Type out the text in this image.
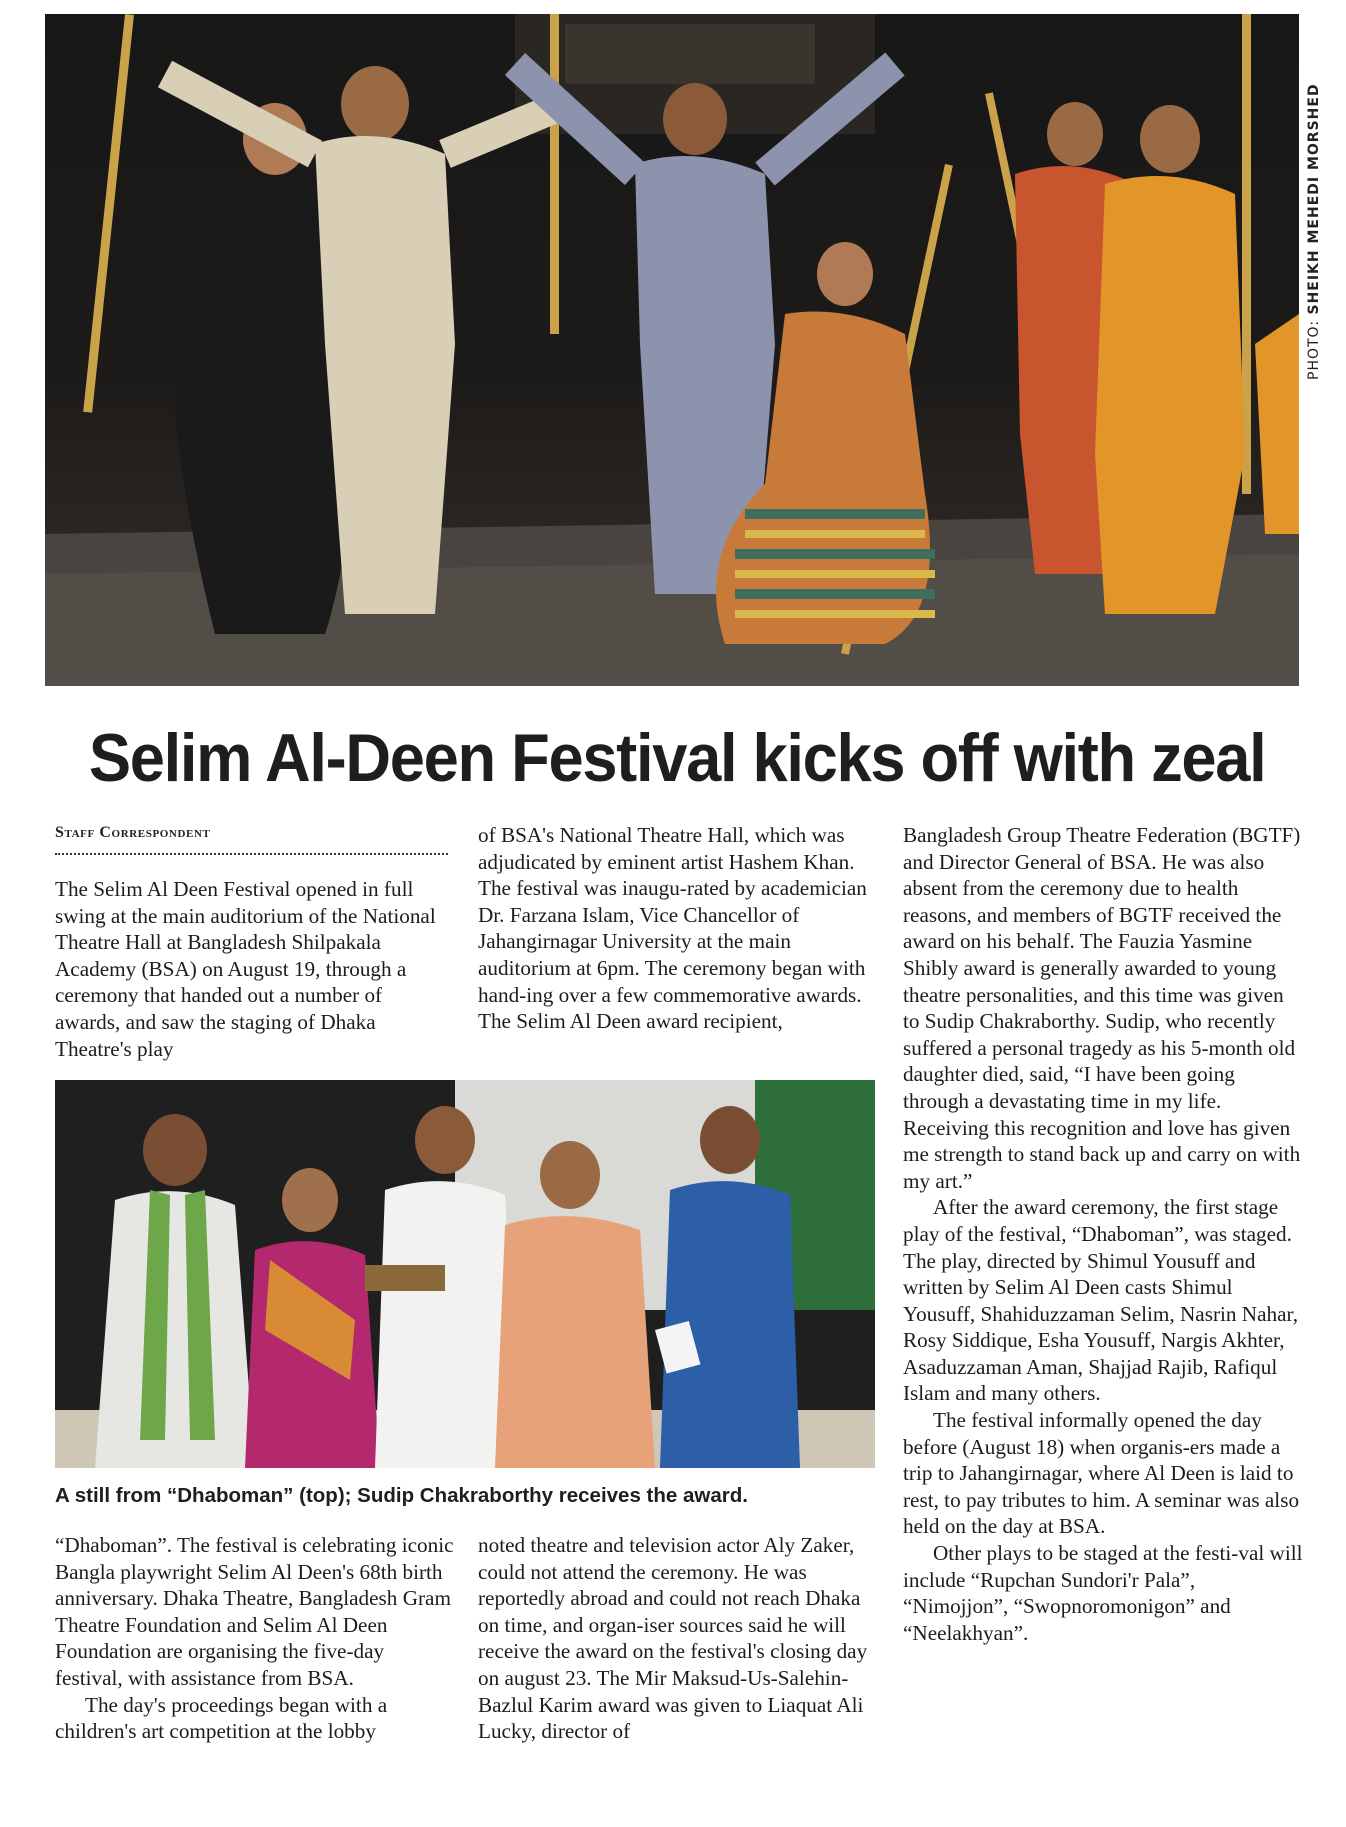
PHOTO: SHEIKH MEHEDI MORSHED
Selim Al-Deen Festival kicks off with zeal
Staff Correspondent

The Selim Al Deen Festival opened in full swing at the main auditorium of the National Theatre Hall at Bangladesh Shilpakala Academy (BSA) on August 19, through a ceremony that handed out a number of awards, and saw the staging of Dhaka Theatre's play

of BSA's National Theatre Hall, which was adjudicated by eminent artist Hashem Khan. The festival was inaugu-rated by academician Dr. Farzana Islam, Vice Chancellor of Jahangirnagar University at the main auditorium at 6pm. The ceremony began with hand-ing over a few commemorative awards. The Selim Al Deen award recipient,

Bangladesh Group Theatre Federation (BGTF) and Director General of BSA. He was also absent from the ceremony due to health reasons, and members of BGTF received the award on his behalf. The Fauzia Yasmine Shibly award is generally awarded to young theatre personalities, and this time was given to Sudip Chakraborthy. Sudip, who recently suffered a personal tragedy as his 5-month old daughter died, said, “I have been going through a devastating time in my life. Receiving this recognition and love has given me strength to stand back up and carry on with my art.”

After the award ceremony, the first stage play of the festival, “Dhaboman”, was staged. The play, directed by Shimul Yousuff and written by Selim Al Deen casts Shimul Yousuff, Shahiduzzaman Selim, Nasrin Nahar, Rosy Siddique, Esha Yousuff, Nargis Akhter, Asaduzzaman Aman, Shajjad Rajib, Rafiqul Islam and many others.

The festival informally opened the day before (August 18) when organis-ers made a trip to Jahangirnagar, where Al Deen is laid to rest, to pay tributes to him. A seminar was also held on the day at BSA.

Other plays to be staged at the festi-val will include “Rupchan Sundori'r Pala”, “Nimojjon”, “Swopnoromonigon” and “Neelakhyan”.

A still from “Dhaboman” (top); Sudip Chakraborthy receives the award.

“Dhaboman”. The festival is celebrating iconic Bangla playwright Selim Al Deen's 68th birth anniversary. Dhaka Theatre, Bangladesh Gram Theatre Foundation and Selim Al Deen Foundation are organising the five-day festival, with assistance from BSA.

The day's proceedings began with a children's art competition at the lobby

noted theatre and television actor Aly Zaker, could not attend the ceremony. He was reportedly abroad and could not reach Dhaka on time, and organ-iser sources said he will receive the award on the festival's closing day on august 23. The Mir Maksud-Us-Salehin-Bazlul Karim award was given to Liaquat Ali Lucky, director of
